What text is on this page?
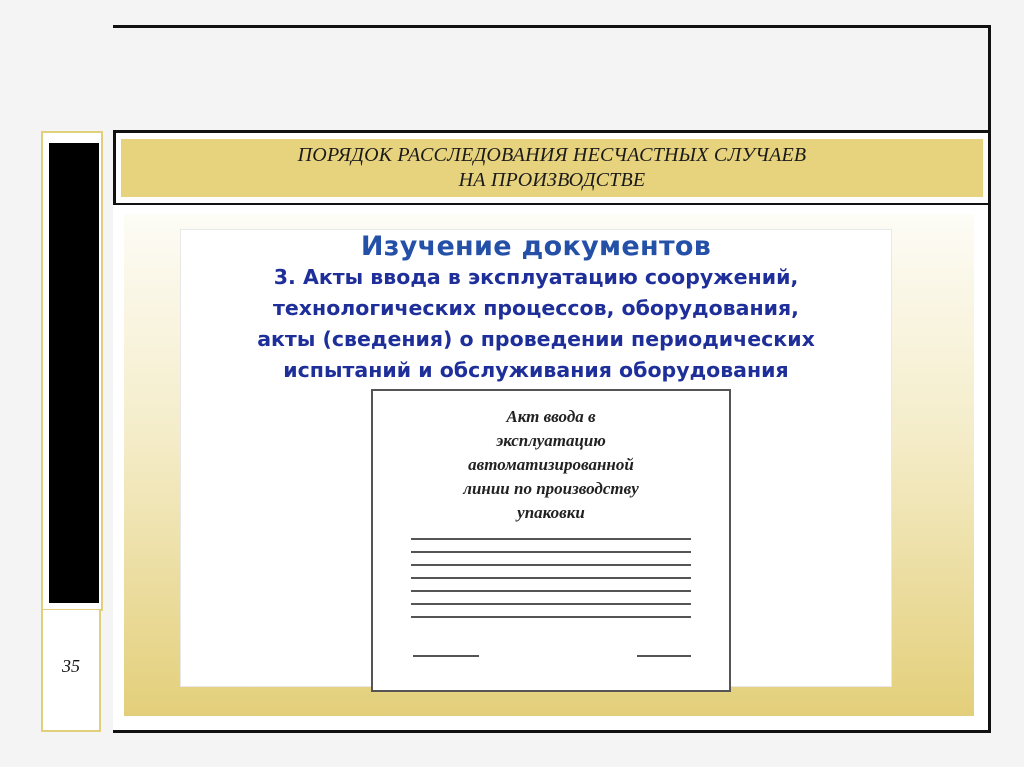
ПОРЯДОК РАССЛЕДОВАНИЯ НЕСЧАСТНЫХ СЛУЧАЕВ
НА ПРОИЗВОДСТВЕ
35
Изучение документов
3. Акты ввода в эксплуатацию сооружений,
технологических процессов, оборудования,
акты (сведения) о проведении периодических
испытаний и обслуживания оборудования
Акт ввода в
эксплуатацию
автоматизированной
линии по производству
упаковки
